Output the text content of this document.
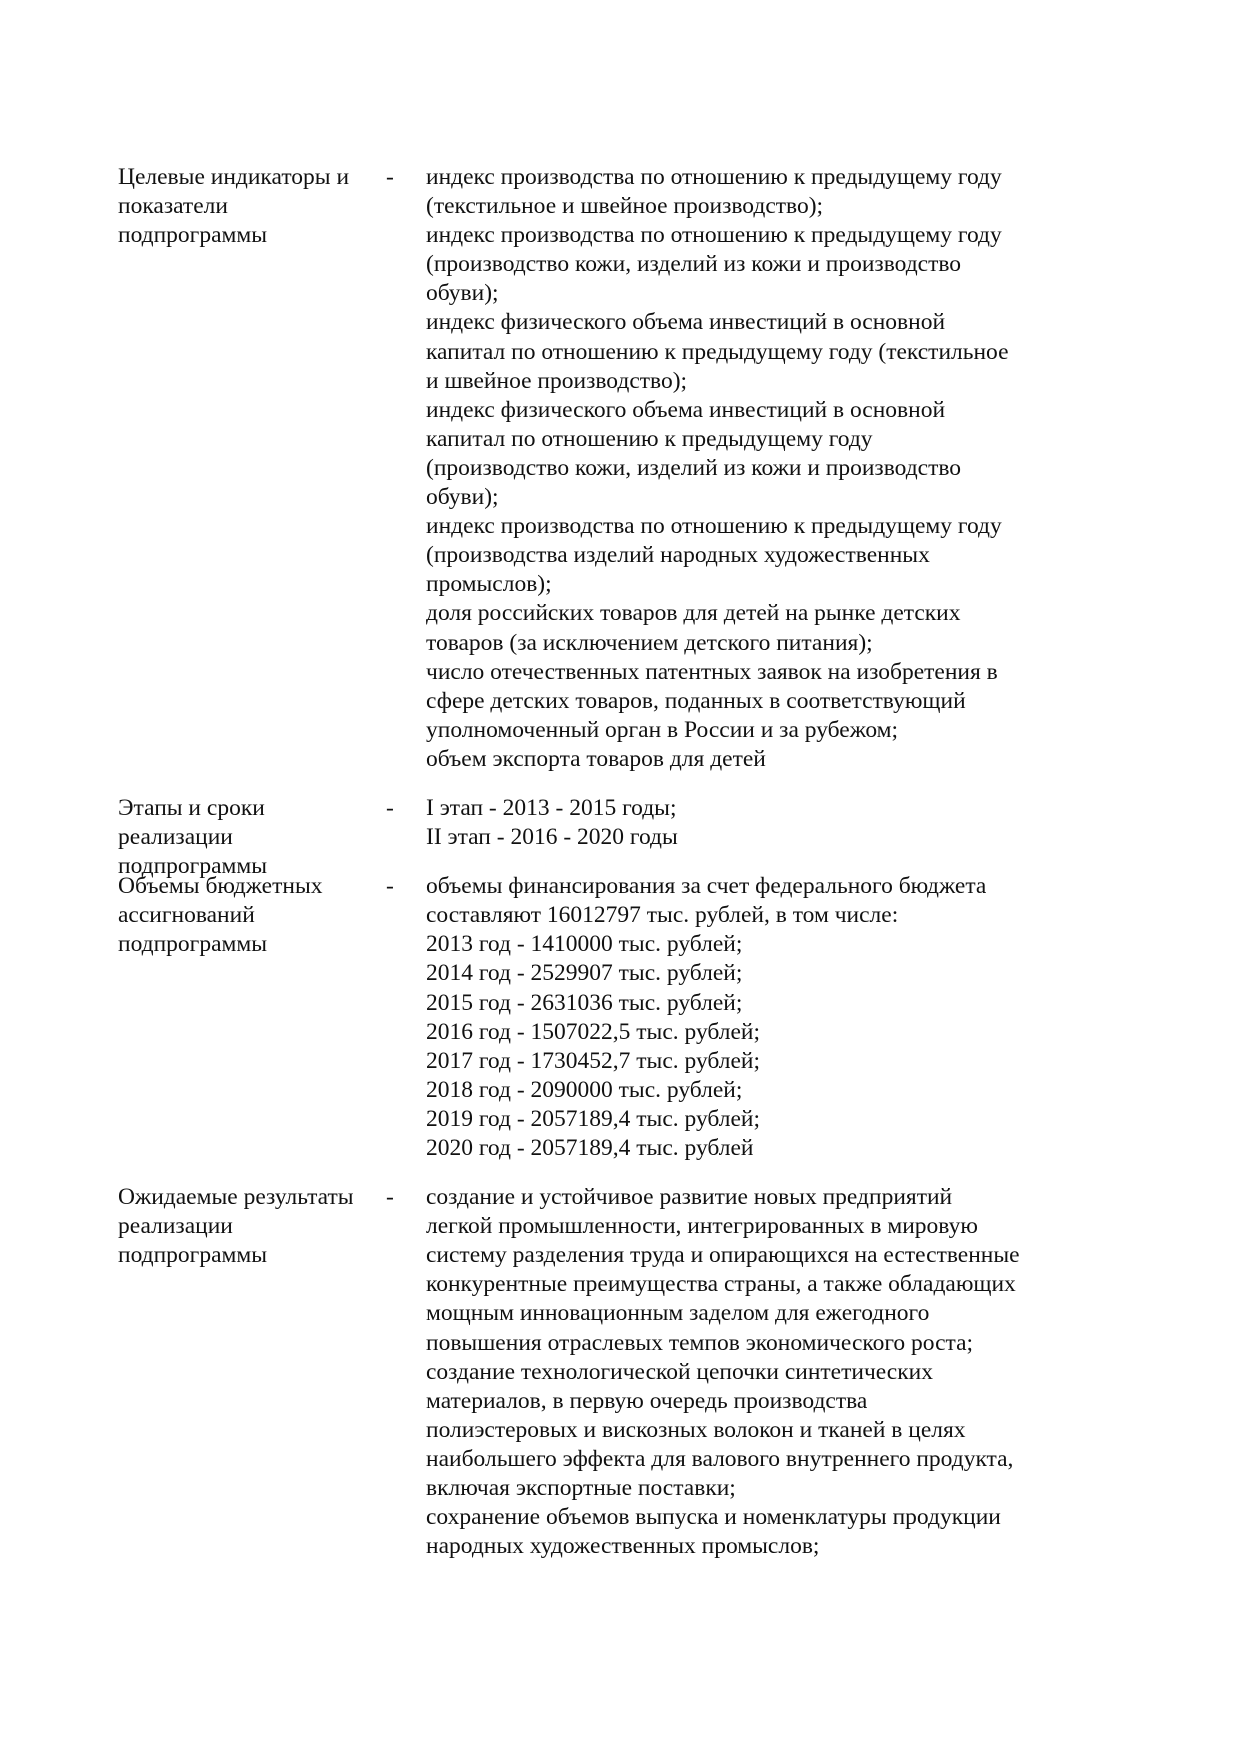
Целевые индикаторы и
показатели
подпрограммы
- индекс производства по отношению к предыдущему году
(текстильное и швейное производство);
индекс производства по отношению к предыдущему году
(производство кожи, изделий из кожи и производство
обуви);
индекс физического объема инвестиций в основной
капитал по отношению к предыдущему году (текстильное
и швейное производство);
индекс физического объема инвестиций в основной
капитал по отношению к предыдущему году
(производство кожи, изделий из кожи и производство
обуви);
индекс производства по отношению к предыдущему году
(производства изделий народных художественных
промыслов);
доля российских товаров для детей на рынке детских
товаров (за исключением детского питания);
число отечественных патентных заявок на изобретения в
сфере детских товаров, поданных в соответствующий
уполномоченный орган в России и за рубежом;
объем экспорта товаров для детей
Этапы и сроки
реализации
подпрограммы
- I этап - 2013 - 2015 годы;
II этап - 2016 - 2020 годы
Объемы бюджетных
ассигнований
подпрограммы
- объемы финансирования за счет федерального бюджета
составляют 16012797 тыс. рублей, в том числе:
2013 год - 1410000 тыс. рублей;
2014 год - 2529907 тыс. рублей;
2015 год - 2631036 тыс. рублей;
2016 год - 1507022,5 тыс. рублей;
2017 год - 1730452,7 тыс. рублей;
2018 год - 2090000 тыс. рублей;
2019 год - 2057189,4 тыс. рублей;
2020 год - 2057189,4 тыс. рублей
Ожидаемые результаты
реализации
подпрограммы
- создание и устойчивое развитие новых предприятий
легкой промышленности, интегрированных в мировую
систему разделения труда и опирающихся на естественные
конкурентные преимущества страны, а также обладающих
мощным инновационным заделом для ежегодного
повышения отраслевых темпов экономического роста;
создание технологической цепочки синтетических
материалов, в первую очередь производства
полиэстеровых и вискозных волокон и тканей в целях
наибольшего эффекта для валового внутреннего продукта,
включая экспортные поставки;
сохранение объемов выпуска и номенклатуры продукции
народных художественных промыслов;
